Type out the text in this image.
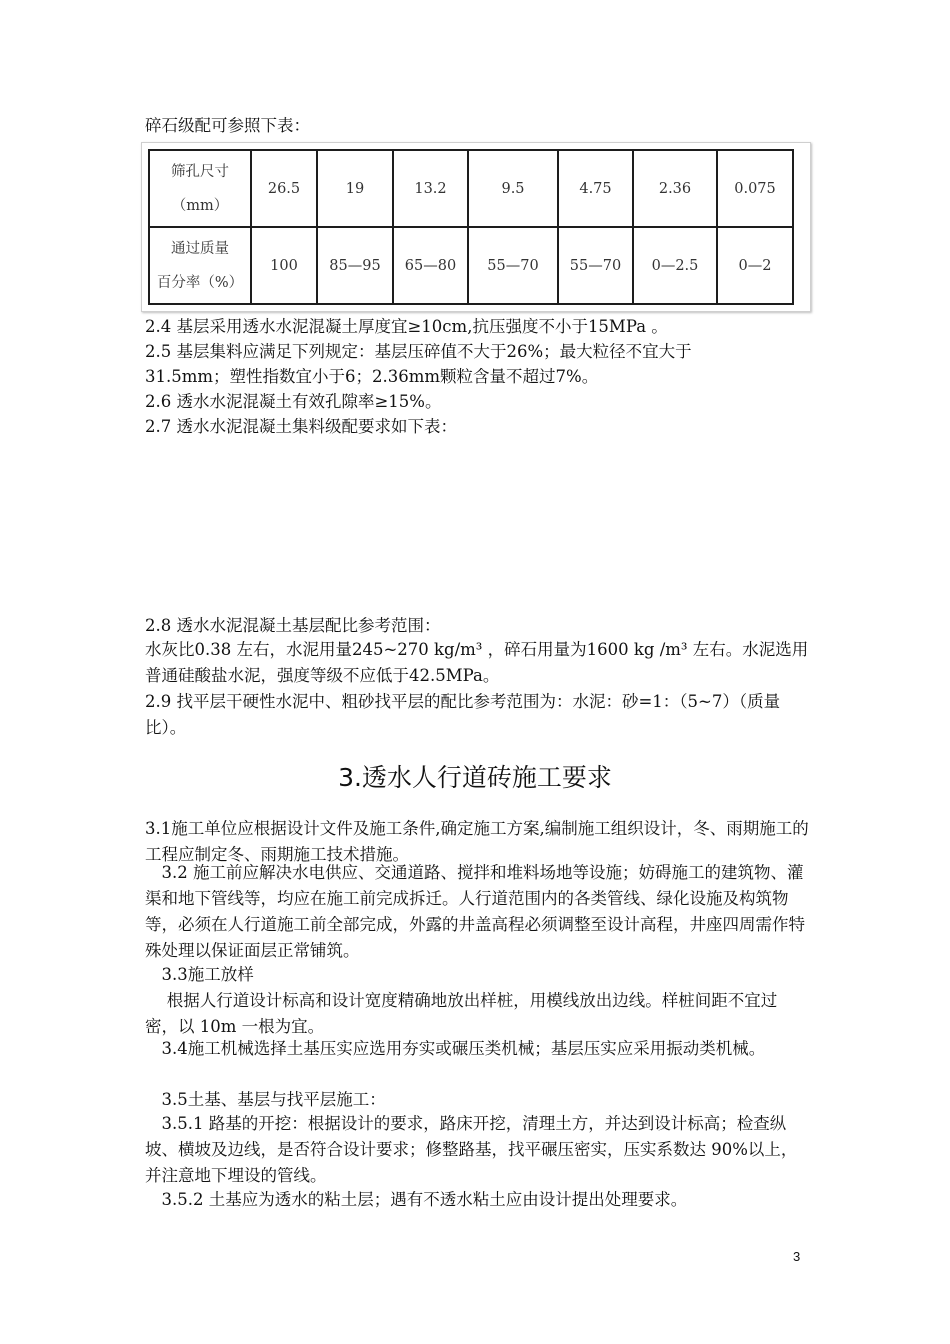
碎石级配可参照下表：
筛孔尺寸
（mm）	26.5	19	13.2	9.5	4.75	2.36	0.075

通过质量
百分率（%）	100	85—95	65—80	55—70	55—70	0—2.5	0—2
2.4 基层采用透水水泥混凝土厚度宜≥10cm,抗压强度不小于15MPa 。
2.5 基层集料应满足下列规定：基层压碎值不大于26%；最大粒径不宜大于
31.5mm；塑性指数宜小于6；2.36mm颗粒含量不超过7%。
2.6 透水水泥混凝土有效孔隙率≥15%。
2.7 透水水泥混凝土集料级配要求如下表：
2.8 透水水泥混凝土基层配比参考范围：
水灰比0.38 左右，水泥用量245~270 kg/m³ ，碎石用量为1600 kg /m³ 左右。水泥选用普通硅酸盐水泥，强度等级不应低于42.5MPa。
2.9 找平层干硬性水泥中、粗砂找平层的配比参考范围为：水泥：砂=1：（5~7）（质量比）。
3.透水人行道砖施工要求
3.1施工单位应根据设计文件及施工条件,确定施工方案,编制施工组织设计，冬、雨期施工的工程应制定冬、雨期施工技术措施。
　3.2 施工前应解决水电供应、交通道路、搅拌和堆料场地等设施；妨碍施工的建筑物、灌渠和地下管线等，均应在施工前完成拆迁。人行道范围内的各类管线、绿化设施及构筑物等，必须在人行道施工前全部完成，外露的井盖高程必须调整至设计高程，井座四周需作特殊处理以保证面层正常铺筑。
　3.3施工放样
　 根据人行道设计标高和设计宽度精确地放出样桩，用模线放出边线。样桩间距不宜过密，以 10m 一根为宜。
　3.4施工机械选择土基压实应选用夯实或碾压类机械；基层压实应采用振动类机械。
　3.5土基、基层与找平层施工：
　3.5.1 路基的开挖：根据设计的要求，路床开挖，清理土方，并达到设计标高；检查纵坡、横坡及边线，是否符合设计要求；修整路基，找平碾压密实，压实系数达 90%以上，并注意地下埋设的管线。
　3.5.2 土基应为透水的粘土层；遇有不透水粘土应由设计提出处理要求。
3
